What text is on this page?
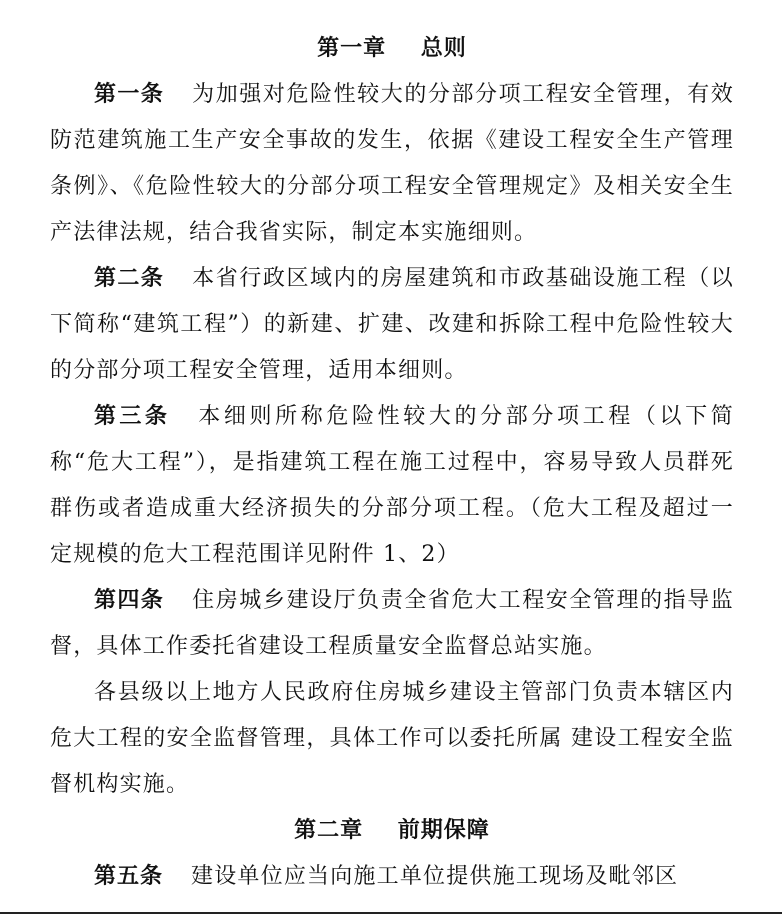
第一章    总则

第一条 为加强对危险性较大的分部分项工程安全管理，有效防范建筑施工生产安全事故的发生，依据《建设工程安全生产管理条例》、《危险性较大的分部分项工程安全管理规定》及相关安全生产法律法规，结合我省实际，制定本实施细则。

第二条 本省行政区域内的房屋建筑和市政基础设施工程（以下简称“建筑工程”）的新建、扩建、改建和拆除工程中危险性较大的分部分项工程安全管理，适用本细则。

第三条 本细则所称危险性较大的分部分项工程（以下简称“危大工程”），是指建筑工程在施工过程中，容易导致人员群死群伤或者造成重大经济损失的分部分项工程。（危大工程及超过一定规模的危大工程范围详见附件 1、2）

第四条 住房城乡建设厅负责全省危大工程安全管理的指导监督，具体工作委托省建设工程质量安全监督总站实施。

各县级以上地方人民政府住房城乡建设主管部门负责本辖区内危大工程的安全监督管理，具体工作可以委托所属 建设工程安全监督机构实施。

第二章    前期保障

第五条 建设单位应当向施工单位提供施工现场及毗邻区
